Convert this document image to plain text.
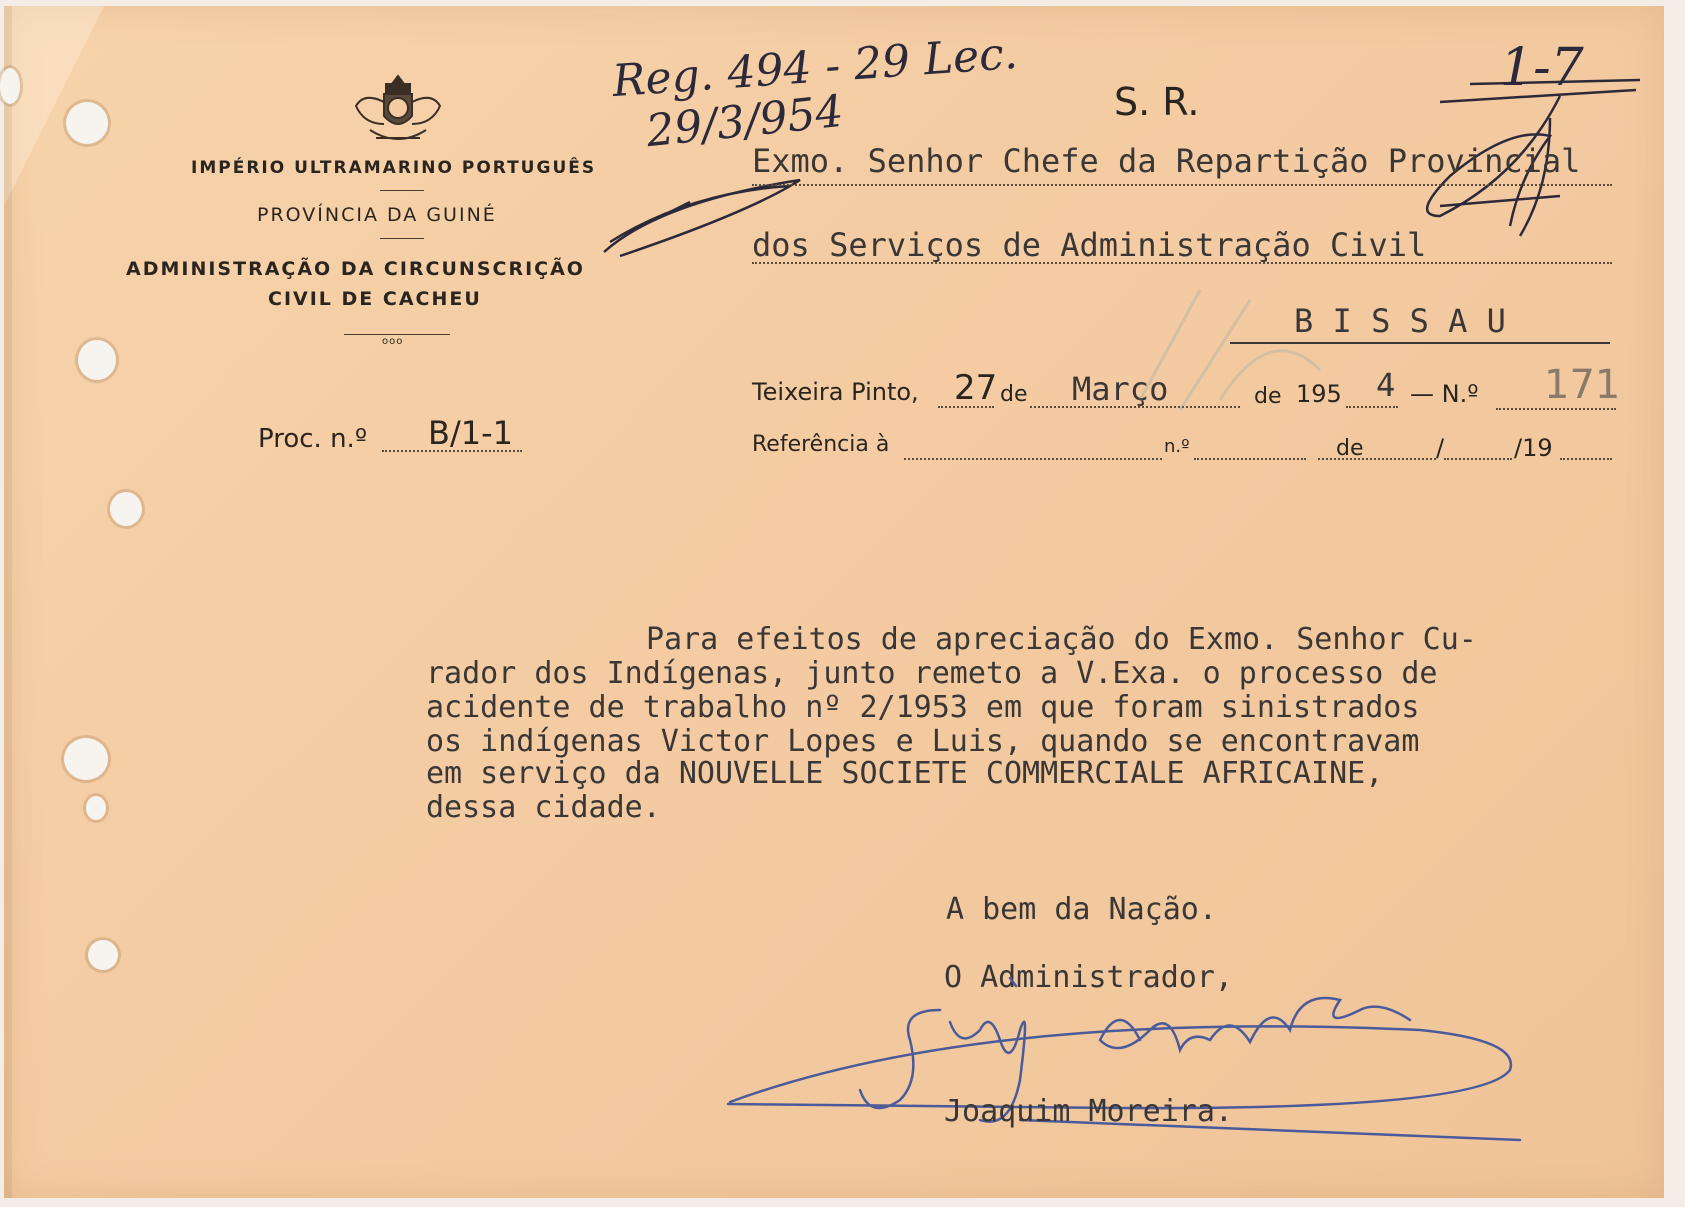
IMPÉRIO ULTRAMARINO PORTUGUÊS
PROVÍNCIA DA GUINÉ
ADMINISTRAÇÃO DA CIRCUNSCRIÇÃO
CIVIL DE CACHEU
ooo
Reg. 494 - 29 Lec.
29/3/954
1-7
S. R.
Exmo. Senhor Chefe da Repartição Provincial
dos Serviços de Administração Civil
B I S S A U
Teixeira Pinto, 27 de Março	de 195 4 — N.º 171
Referência à	n.º	de	/	/19
Proc. n.º B/1-1
Para efeitos de apreciação do Exmo. Senhor Cu-
rador dos Indígenas, junto remeto a V.Exa. o processo de
acidente de trabalho nº 2/1953 em que foram sinistrados
os indígenas Victor Lopes e Luis, quando se encontravam
em serviço da NOUVELLE SOCIETE COMMERCIALE AFRICAINE,
dessa cidade.
A bem da Nação.
O Administrador,
Joaquim Moreira.
